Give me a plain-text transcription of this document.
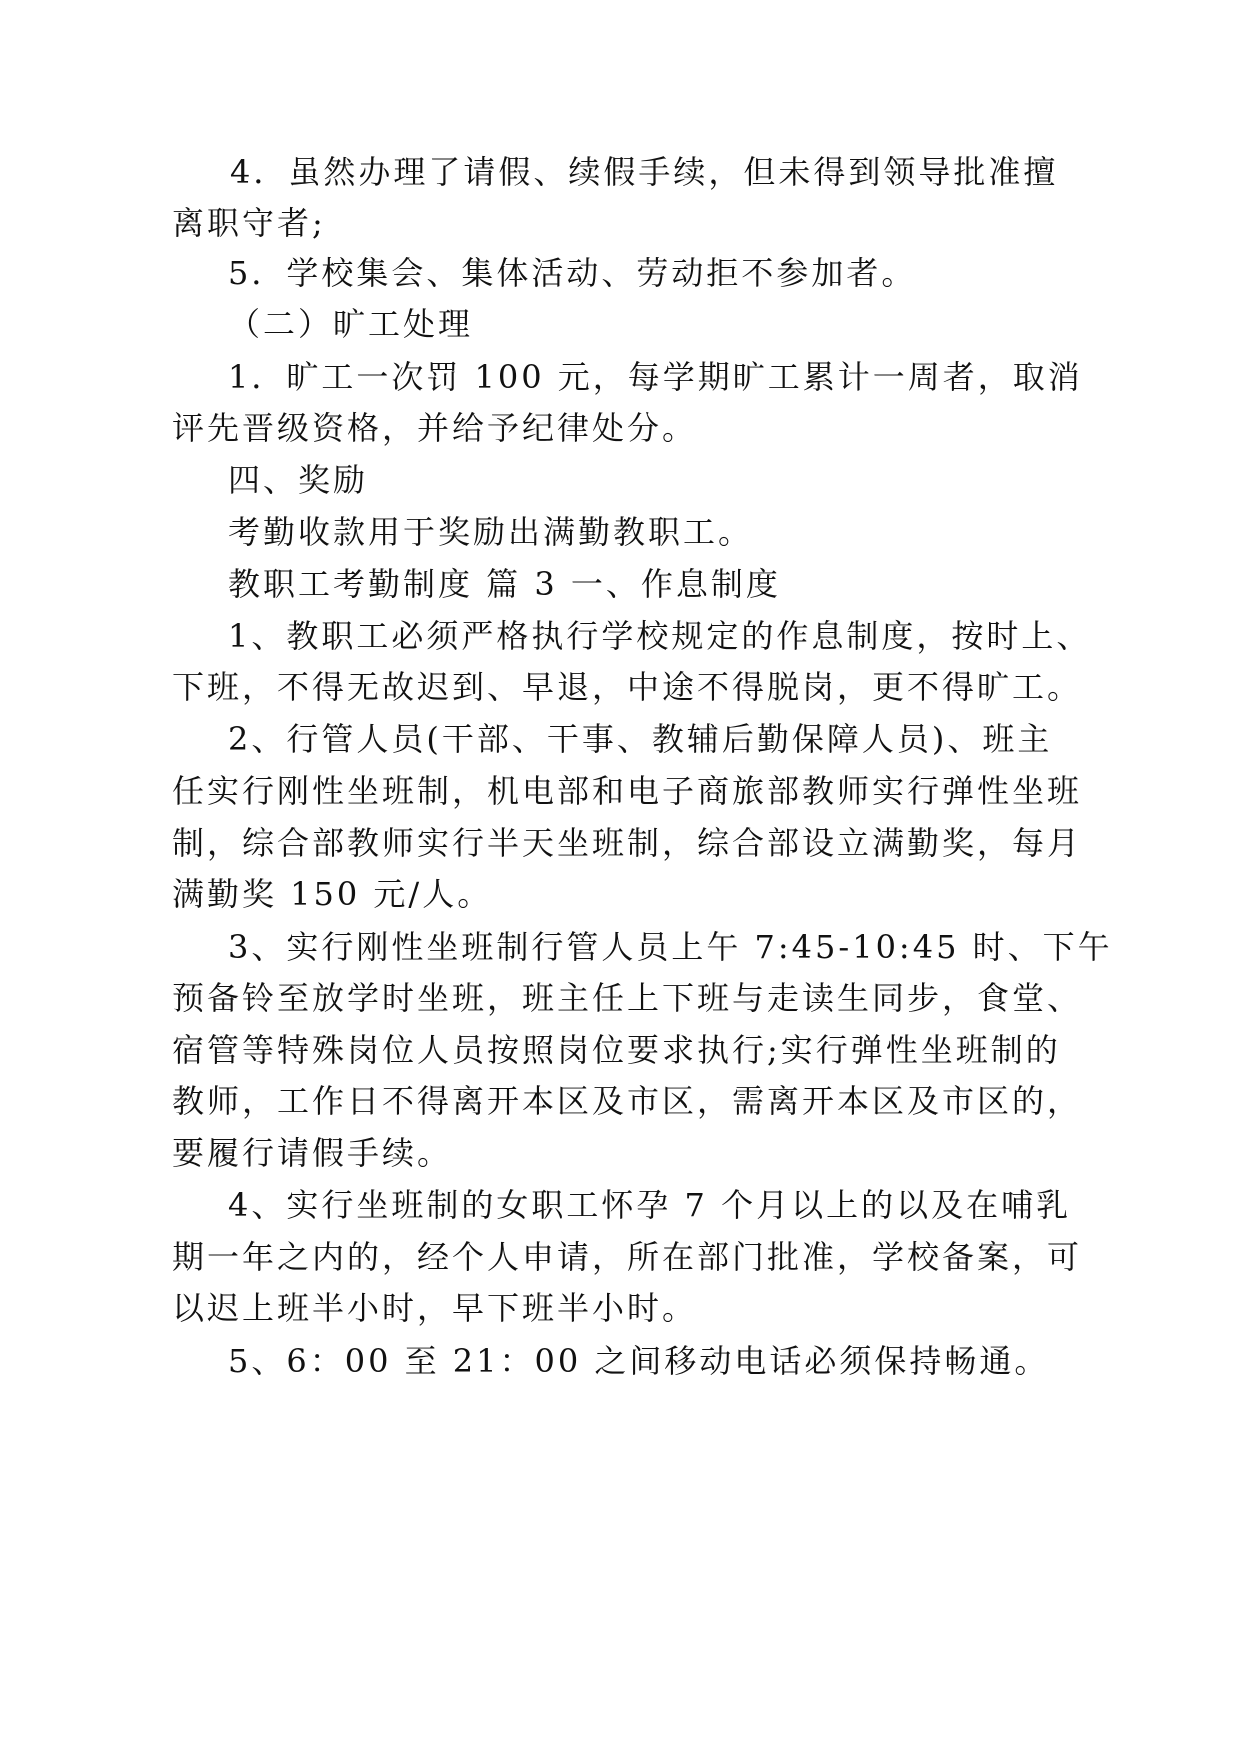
4．虽然办理了请假、续假手续，但未得到领导批准擅
离职守者;
5．学校集会、集体活动、劳动拒不参加者。
（二）旷工处理
1．旷工一次罚 100 元，每学期旷工累计一周者，取消
评先晋级资格，并给予纪律处分。
四、奖励
考勤收款用于奖励出满勤教职工。
教职工考勤制度 篇 3 一、作息制度
1、教职工必须严格执行学校规定的作息制度，按时上、
下班，不得无故迟到、早退，中途不得脱岗，更不得旷工。
2、行管人员(干部、干事、教辅后勤保障人员)、班主
任实行刚性坐班制，机电部和电子商旅部教师实行弹性坐班
制，综合部教师实行半天坐班制，综合部设立满勤奖，每月
满勤奖 150 元/人。
3、实行刚性坐班制行管人员上午 7:45-10:45 时、下午
预备铃至放学时坐班，班主任上下班与走读生同步，食堂、
宿管等特殊岗位人员按照岗位要求执行;实行弹性坐班制的
教师，工作日不得离开本区及市区，需离开本区及市区的，
要履行请假手续。
4、实行坐班制的女职工怀孕 7 个月以上的以及在哺乳
期一年之内的，经个人申请，所在部门批准，学校备案，可
以迟上班半小时，早下班半小时。
5、6：00 至 21：00 之间移动电话必须保持畅通。
